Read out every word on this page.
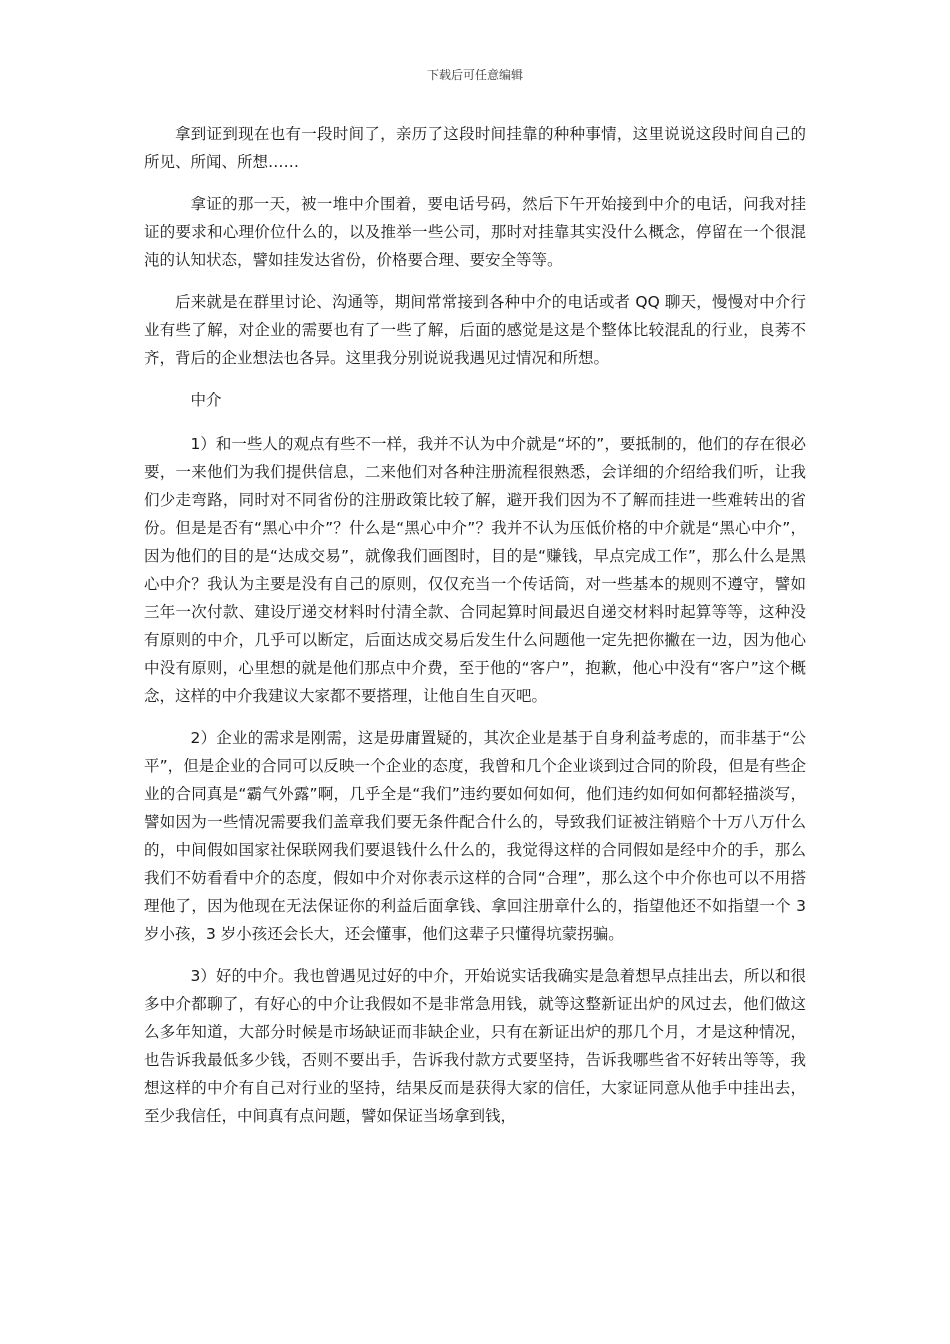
下载后可任意编辑

拿到证到现在也有一段时间了，亲历了这段时间挂靠的种种事情，这里说说这段时间自己的所见、所闻、所想……

拿证的那一天，被一堆中介围着，要电话号码，然后下午开始接到中介的电话，问我对挂证的要求和心理价位什么的，以及推举一些公司，那时对挂靠其实没什么概念，停留在一个很混沌的认知状态，譬如挂发达省份，价格要合理、要安全等等。

后来就是在群里讨论、沟通等，期间常常接到各种中介的电话或者 QQ 聊天，慢慢对中介行业有些了解，对企业的需要也有了一些了解，后面的感觉是这是个整体比较混乱的行业，良莠不齐，背后的企业想法也各异。这里我分别说说我遇见过情况和所想。

中介

1）和一些人的观点有些不一样，我并不认为中介就是“坏的”，要抵制的，他们的存在很必要，一来他们为我们提供信息，二来他们对各种注册流程很熟悉，会详细的介绍给我们听，让我们少走弯路，同时对不同省份的注册政策比较了解，避开我们因为不了解而挂进一些难转出的省份。但是是否有“黑心中介”？什么是“黑心中介”？我并不认为压低价格的中介就是“黑心中介”，因为他们的目的是“达成交易”，就像我们画图时，目的是“赚钱，早点完成工作”，那么什么是黑心中介？我认为主要是没有自己的原则，仅仅充当一个传话筒，对一些基本的规则不遵守，譬如三年一次付款、建设厅递交材料时付清全款、合同起算时间最迟自递交材料时起算等等，这种没有原则的中介，几乎可以断定，后面达成交易后发生什么问题他一定先把你撇在一边，因为他心中没有原则，心里想的就是他们那点中介费，至于他的“客户”，抱歉，他心中没有“客户”这个概念，这样的中介我建议大家都不要搭理，让他自生自灭吧。

2）企业的需求是刚需，这是毋庸置疑的，其次企业是基于自身利益考虑的，而非基于“公平”，但是企业的合同可以反映一个企业的态度，我曾和几个企业谈到过合同的阶段，但是有些企业的合同真是“霸气外露”啊，几乎全是“我们”违约要如何如何，他们违约如何如何都轻描淡写，譬如因为一些情况需要我们盖章我们要无条件配合什么的，导致我们证被注销赔个十万八万什么的，中间假如国家社保联网我们要退钱什么什么的，我觉得这样的合同假如是经中介的手，那么我们不妨看看中介的态度，假如中介对你表示这样的合同“合理”，那么这个中介你也可以不用搭理他了，因为他现在无法保证你的利益后面拿钱、拿回注册章什么的，指望他还不如指望一个 3 岁小孩，3 岁小孩还会长大，还会懂事，他们这辈子只懂得坑蒙拐骗。

3）好的中介。我也曾遇见过好的中介，开始说实话我确实是急着想早点挂出去，所以和很多中介都聊了，有好心的中介让我假如不是非常急用钱，就等这整新证出炉的风过去，他们做这么多年知道，大部分时候是市场缺证而非缺企业，只有在新证出炉的那几个月，才是这种情况，也告诉我最低多少钱，否则不要出手，告诉我付款方式要坚持，告诉我哪些省不好转出等等，我想这样的中介有自己对行业的坚持，结果反而是获得大家的信任，大家证同意从他手中挂出去，至少我信任，中间真有点问题，譬如保证当场拿到钱，
